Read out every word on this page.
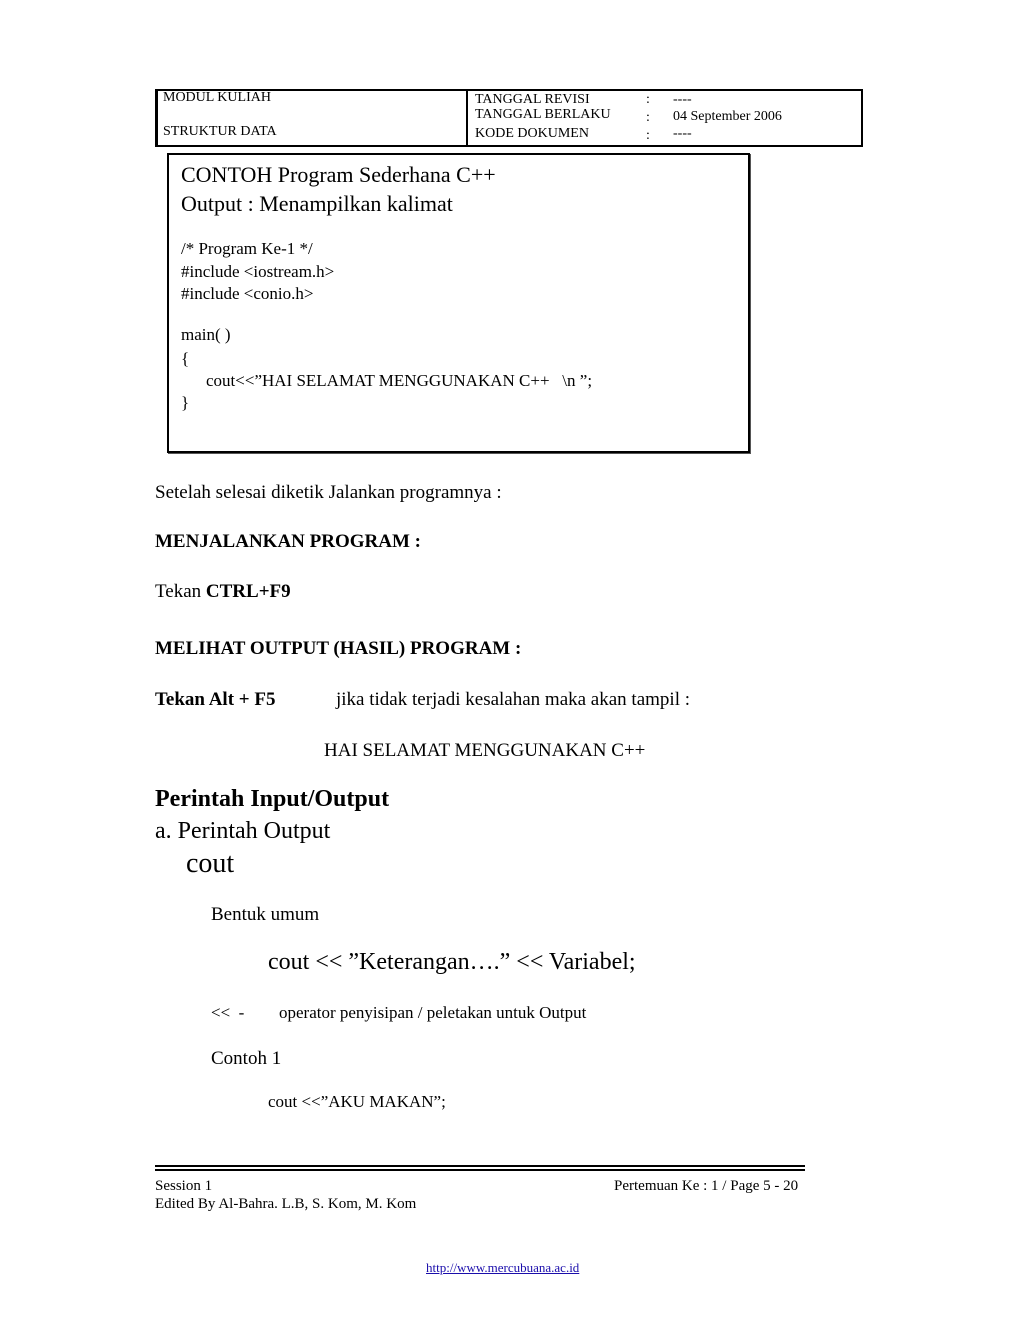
MODUL KULIAH
STRUKTUR DATA
TANGGAL REVISI	: ----
TANGGAL BERLAKU	: 04 September 2006
KODE DOKUMEN	: ----
CONTOH Program Sederhana C++
Output : Menampilkan kalimat
/* Program Ke-1 */
#include <iostream.h>
#include <conio.h>
main( )
{
cout<<”HAI SELAMAT MENGGUNAKAN C++   \n ”;
}
Setelah selesai diketik Jalankan programnya :
MENJALANKAN PROGRAM :
Tekan CTRL+F9
MELIHAT OUTPUT (HASIL) PROGRAM :
Tekan Alt + F5	jika tidak terjadi kesalahan maka akan tampil :
HAI SELAMAT MENGGUNAKAN C++
Perintah Input/Output
a. Perintah Output
cout
Bentuk umum
cout << ”Keterangan….” << Variabel;
<<  - operator penyisipan / peletakan untuk Output
Contoh 1
cout <<”AKU MAKAN”;
Session 1	Pertemuan Ke : 1 / Page 5 - 20
Edited By Al-Bahra. L.B, S. Kom, M. Kom
http://www.mercubuana.ac.id
